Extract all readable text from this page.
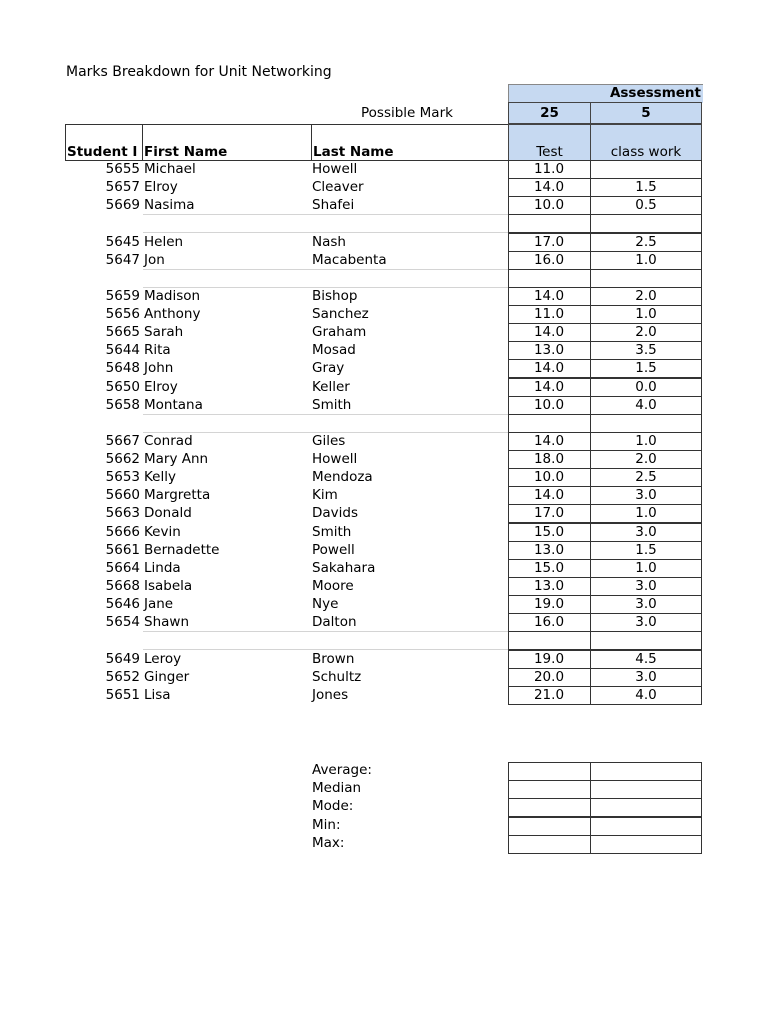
Marks Breakdown for Unit Networking
Assessment
Possible Mark	25	5
Student I First Name	Last Name	Test	class work
5655 Michael	Howell	11.0
5657 Elroy	Cleaver	14.0	1.5
5669 Nasima	Shafei	10.0	0.5
5645 Helen	Nash	17.0	2.5
5647 Jon	Macabenta	16.0	1.0
5659 Madison	Bishop	14.0	2.0
5656 Anthony	Sanchez	11.0	1.0
5665 Sarah	Graham	14.0	2.0
5644 Rita	Mosad	13.0	3.5
5648 John	Gray	14.0	1.5
5650 Elroy	Keller	14.0	0.0
5658 Montana	Smith	10.0	4.0
5667 Conrad	Giles	14.0	1.0
5662 Mary Ann	Howell	18.0	2.0
5653 Kelly	Mendoza	10.0	2.5
5660 Margretta	Kim	14.0	3.0
5663 Donald	Davids	17.0	1.0
5666 Kevin	Smith	15.0	3.0
5661 Bernadette	Powell	13.0	1.5
5664 Linda	Sakahara	15.0	1.0
5668 Isabela	Moore	13.0	3.0
5646 Jane	Nye	19.0	3.0
5654 Shawn	Dalton	16.0	3.0
5649 Leroy	Brown	19.0	4.5
5652 Ginger	Schultz	20.0	3.0
5651 Lisa	Jones	21.0	4.0
Average:
Median
Mode:
Min:
Max:
